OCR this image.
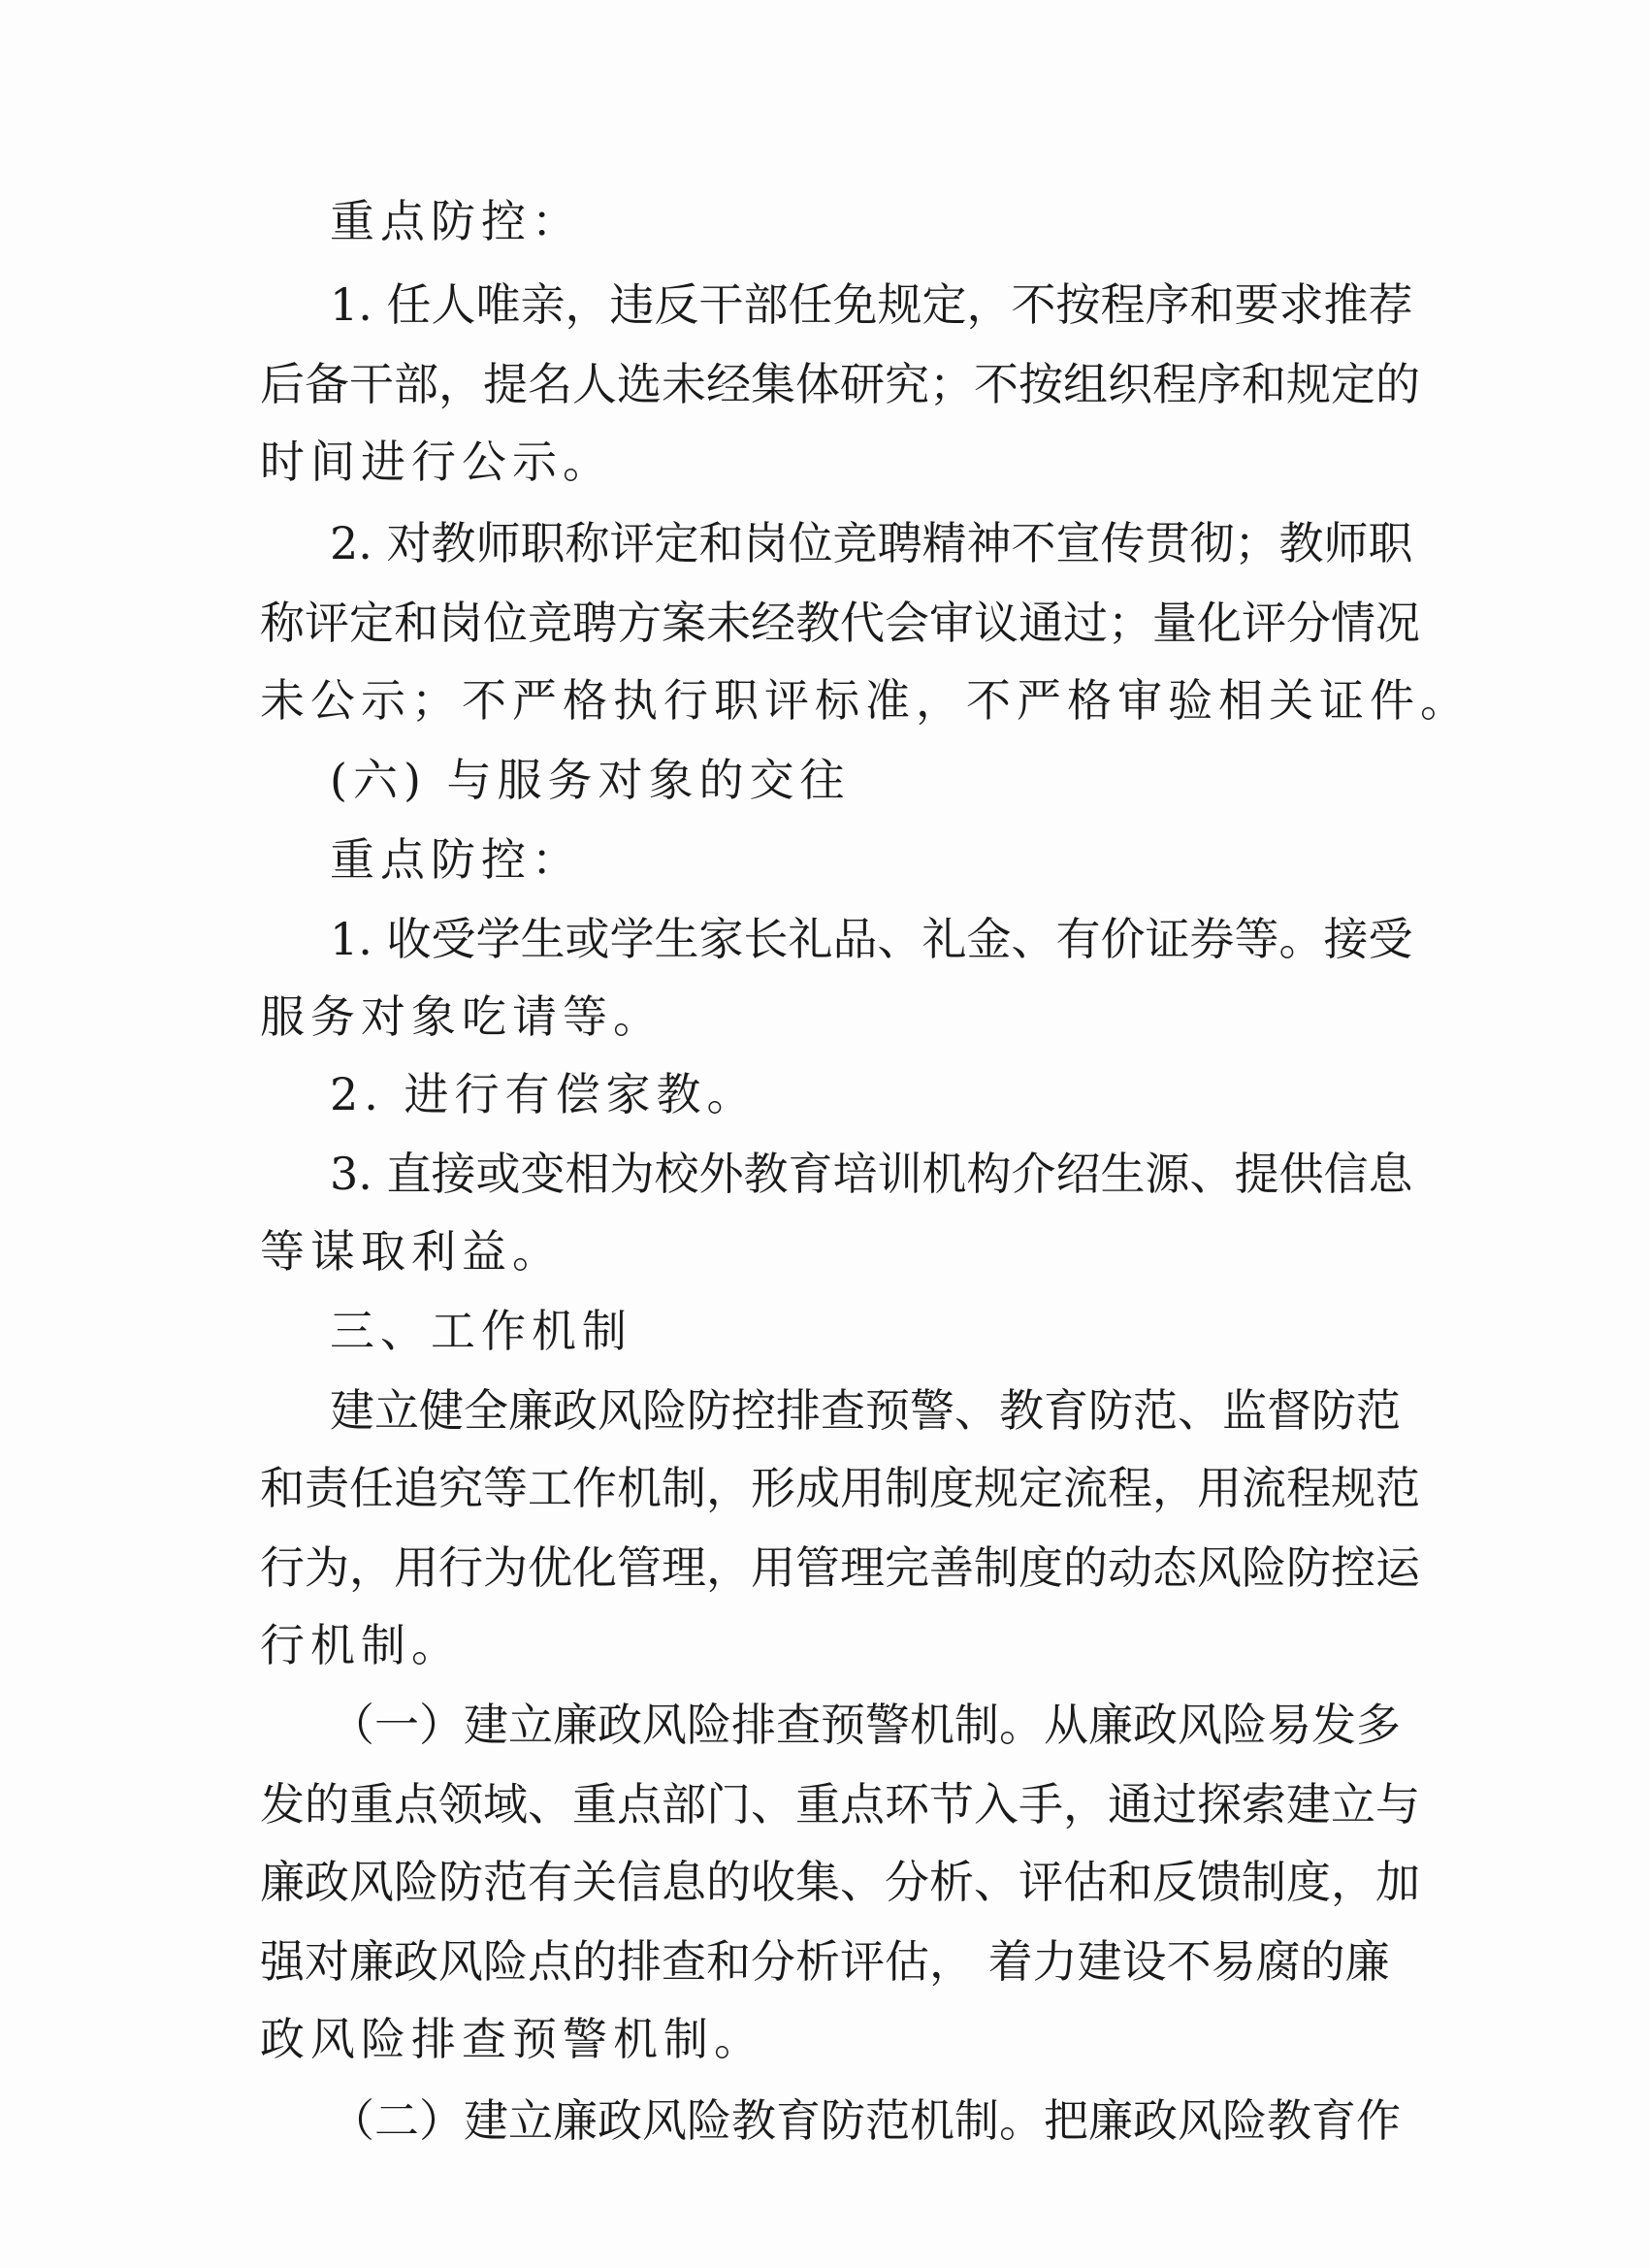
重点防控：
1. 任人唯亲，违反干部任免规定，不按程序和要求推荐
后备干部，提名人选未经集体研究；不按组织程序和规定的
时间进行公示。
2. 对教师职称评定和岗位竞聘精神不宣传贯彻；教师职
称评定和岗位竞聘方案未经教代会审议通过；量化评分情况
未公示；不严格执行职评标准，不严格审验相关证件。
(六) 与服务对象的交往
重点防控：
1. 收受学生或学生家长礼品、礼金、有价证券等。接受
服务对象吃请等。
2. 进行有偿家教。
3. 直接或变相为校外教育培训机构介绍生源、提供信息
等谋取利益。
三、工作机制
建立健全廉政风险防控排查预警、教育防范、监督防范
和责任追究等工作机制，形成用制度规定流程，用流程规范
行为，用行为优化管理，用管理完善制度的动态风险防控运
行机制。
（一）建立廉政风险排查预警机制。从廉政风险易发多
发的重点领域、重点部门、重点环节入手，通过探索建立与
廉政风险防范有关信息的收集、分析、评估和反馈制度，加
强对廉政风险点的排查和分析评估， 着力建设不易腐的廉
政风险排查预警机制。
（二）建立廉政风险教育防范机制。把廉政风险教育作
